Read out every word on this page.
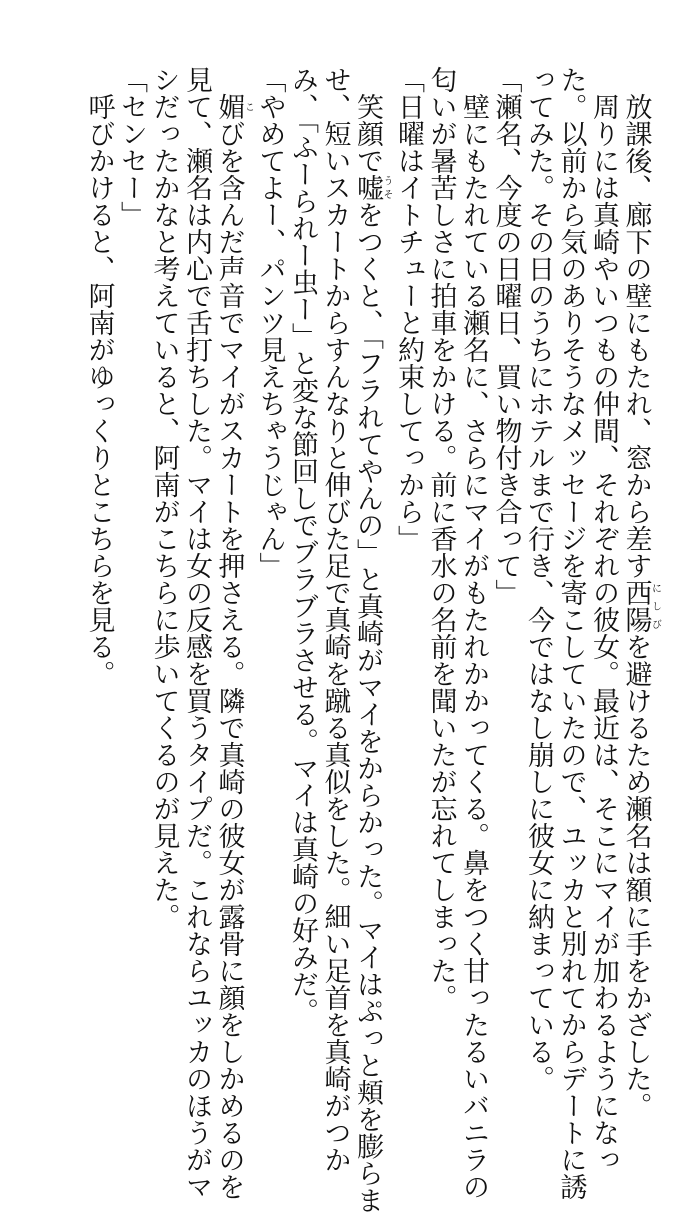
放課後、廊下の壁にもたれ、窓から差す西陽にしびを避けるため瀬名は額に手をかざした。
周りには真崎やいつもの仲間、それぞれの彼女。最近は、そこにマイが加わるようになっ
た。以前から気のありそうなメッセージを寄こしていたので、ユッカと別れてからデートに誘
ってみた。その日のうちにホテルまで行き、今ではなし崩しに彼女に納まっている。
「瀬名、今度の日曜日、買い物付き合って」
壁にもたれている瀬名に、さらにマイがもたれかかってくる。鼻をつく甘ったるいバニラの
匂いが暑苦しさに拍車をかける。前に香水の名前を聞いたが忘れてしまった。
「日曜はイトチューと約束してっから」
笑顔で嘘うそをつくと、「フラれてやんの」と真崎がマイをからかった。マイはぷっと頬を膨らま
せ、短いスカートからすんなりと伸びた足で真崎を蹴る真似をした。細い足首を真崎がつか
み、「ふーられー虫ー」と変な節回しでブラブラさせる。マイは真崎の好みだ。
「やめてよー、パンツ見えちゃうじゃん」
媚こびを含んだ声音でマイがスカートを押さえる。隣で真崎の彼女が露骨に顔をしかめるのを
見て、瀬名は内心で舌打ちした。マイは女の反感を買うタイプだ。これならユッカのほうがマ
シだったかなと考えていると、阿南がこちらに歩いてくるのが見えた。
「センセー」
呼びかけると、阿南がゆっくりとこちらを見る。
